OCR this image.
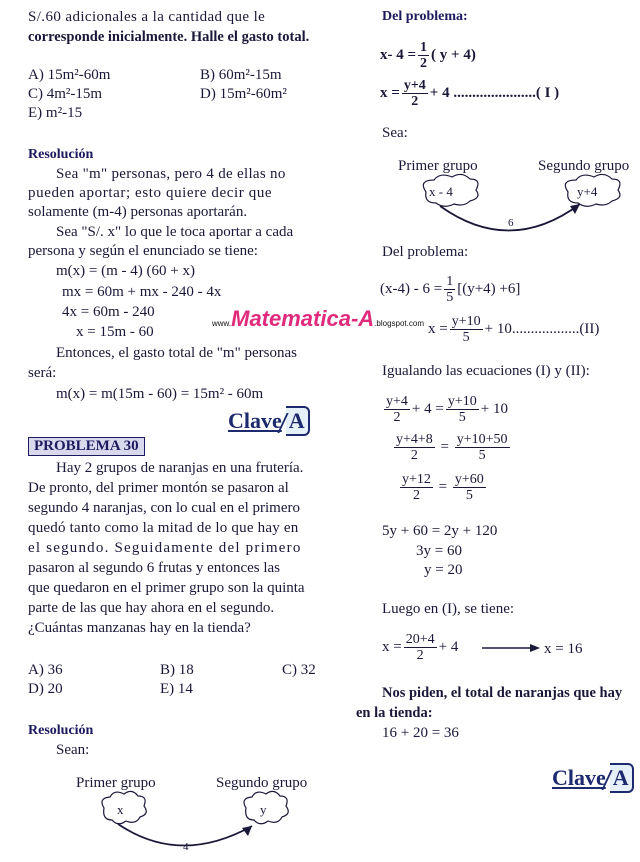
S/.60 adicionales a la cantidad que le
corresponde inicialmente. Halle el gasto total.
A) 15m²-60m	B) 60m²-15m
C) 4m²-15m	D) 15m²-60m²
E) m²-15
Resolución
Sea "m" personas, pero 4 de ellas no
pueden aportar; esto quiere decir que
solamente (m-4) personas aportarán.
Sea "S/. x" lo que le toca aportar a cada
persona y según el enunciado se tiene:
m(x) = (m - 4) (60 + x)
mx = 60m + mx - 240 - 4x
4x = 60m - 240
x = 15m - 60
Entonces, el gasto total de "m" personas
será:
m(x) = m(15m - 60) = 15m² - 60m
Clave A
PROBLEMA 30
Hay 2 grupos de naranjas en una frutería.
De pronto, del primer montón se pasaron al
segundo 4 naranjas, con lo cual en el primero
quedó tanto como la mitad de lo que hay en
el segundo. Seguidamente del primero
pasaron al segundo 6 frutas y entonces las
que quedaron en el primer grupo son la quinta
parte de las que hay ahora en el segundo.
¿Cuántas manzanas hay en la tienda?
A) 36	B) 18	C) 32
D) 20	E) 14
Resolución
Sean:
Primer grupo	Segundo grupo
x	y
4
www.Matematica-A.blogspot.com
Del problema:
x- $4 = \frac{1}{2}$ ( y + 4)
$x = \frac{y+4}{2} + 4$ ......................( I )
Sea:
Primer grupo	Segundo grupo
x - 4	y+4
6
Del problema:
$(x-4) - 6 = \frac{1}{5} [(y+4) +6]$
$x = \frac{y+10}{5} + 10..................(II)$
Igualando las ecuaciones (I) y (II):
$\frac{y+4}{2} + 4 = \frac{y+10}{5} + 10$
$\frac{y+4+8}{2} = \frac{y+10+50}{5}$
$\frac{y+12}{2} = \frac{y+60}{5}$
5y + 60 = 2y + 120
3y = 60
y = 20
Luego en (I), se tiene:
$x = \frac{20+4}{2} + 4$	x = 16
Nos piden, el total de naranjas que hay
en la tienda:
16 + 20 = 36
Clave A
